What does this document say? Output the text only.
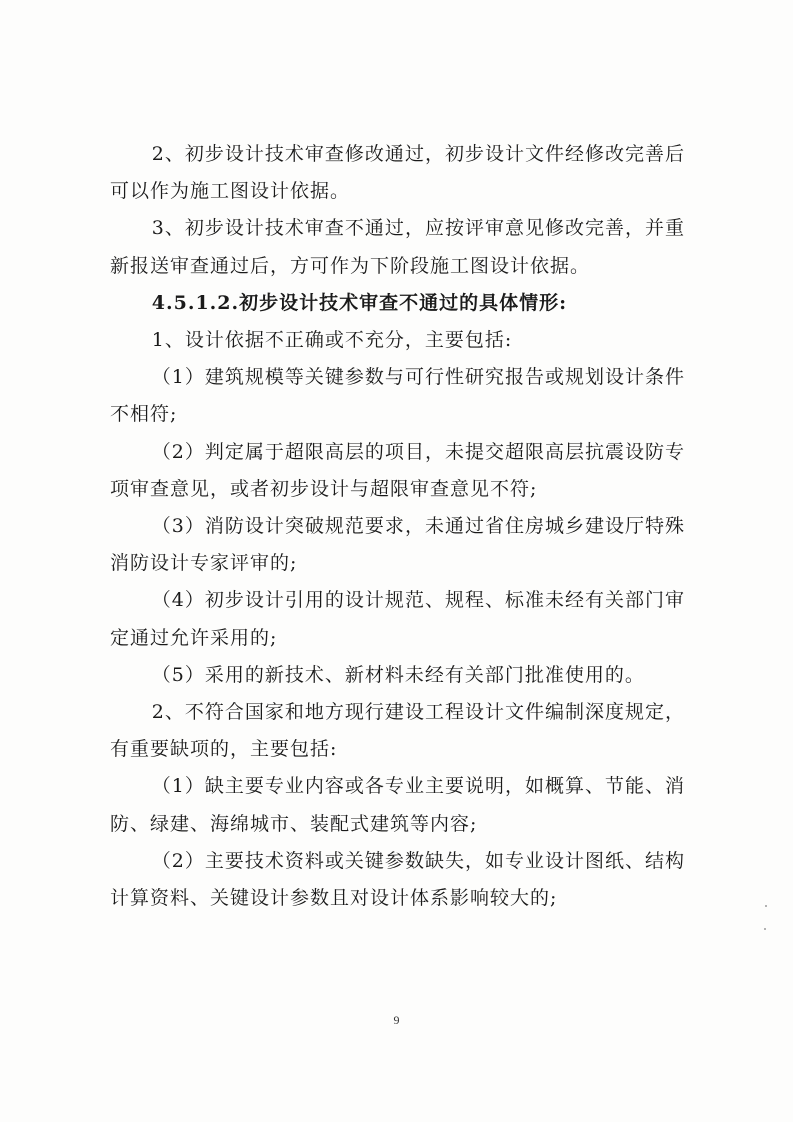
2、初步设计技术审查修改通过，初步设计文件经修改完善后可以作为施工图设计依据。

3、初步设计技术审查不通过，应按评审意见修改完善，并重新报送审查通过后，方可作为下阶段施工图设计依据。

4.5.1.2.初步设计技术审查不通过的具体情形:

1、设计依据不正确或不充分，主要包括:

（1）建筑规模等关键参数与可行性研究报告或规划设计条件不相符;

（2）判定属于超限高层的项目，未提交超限高层抗震设防专项审查意见，或者初步设计与超限审查意见不符;

（3）消防设计突破规范要求，未通过省住房城乡建设厅特殊消防设计专家评审的;

（4）初步设计引用的设计规范、规程、标准未经有关部门审定通过允许采用的;

（5）采用的新技术、新材料未经有关部门批准使用的。

2、不符合国家和地方现行建设工程设计文件编制深度规定，有重要缺项的，主要包括:

（1）缺主要专业内容或各专业主要说明，如概算、节能、消防、绿建、海绵城市、装配式建筑等内容;

（2）主要技术资料或关键参数缺失，如专业设计图纸、结构计算资料、关键设计参数且对设计体系影响较大的;

9
